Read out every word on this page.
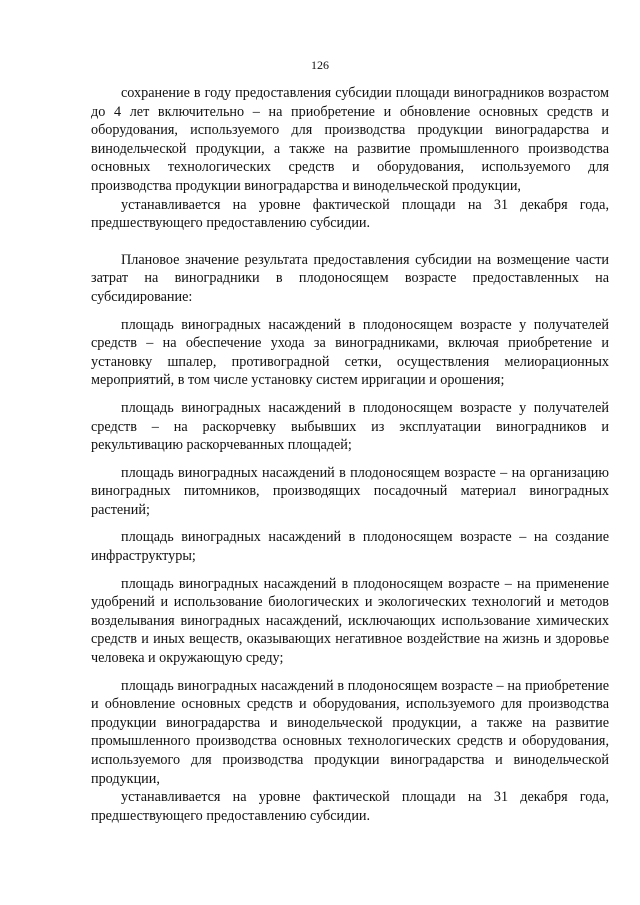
126

сохранение в году предоставления субсидии площади виноградников возрастом до 4 лет включительно – на приобретение и обновление основных средств и оборудования, используемого для производства продукции виноградарства и винодельческой продукции, а также на развитие промышленного производства основных технологических средств и оборудования, используемого для производства продукции виноградарства и винодельческой продукции,

устанавливается на уровне фактической площади на 31 декабря года, предшествующего предоставлению субсидии.

Плановое значение результата предоставления субсидии на возмещение части затрат на виноградники в плодоносящем возрасте предоставленных на субсидирование:

площадь виноградных насаждений в плодоносящем возрасте у получателей средств – на обеспечение ухода за виноградниками, включая приобретение и установку шпалер, противоградной сетки, осуществления мелиорационных мероприятий, в том числе установку систем ирригации и орошения;

площадь виноградных насаждений в плодоносящем возрасте у получателей средств – на раскорчевку выбывших из эксплуатации виноградников и рекультивацию раскорчеванных площадей;

площадь виноградных насаждений в плодоносящем возрасте – на организацию виноградных питомников, производящих посадочный материал виноградных растений;

площадь виноградных насаждений в плодоносящем возрасте – на создание инфраструктуры;

площадь виноградных насаждений в плодоносящем возрасте – на применение удобрений и использование биологических и экологических технологий и методов возделывания виноградных насаждений, исключающих использование химических средств и иных веществ, оказывающих негативное воздействие на жизнь и здоровье человека и окружающую среду;

площадь виноградных насаждений в плодоносящем возрасте – на приобретение и обновление основных средств и оборудования, используемого для производства продукции виноградарства и винодельческой продукции, а также на развитие промышленного производства основных технологических средств и оборудования, используемого для производства продукции виноградарства и винодельческой продукции,

устанавливается на уровне фактической площади на 31 декабря года, предшествующего предоставлению субсидии.
